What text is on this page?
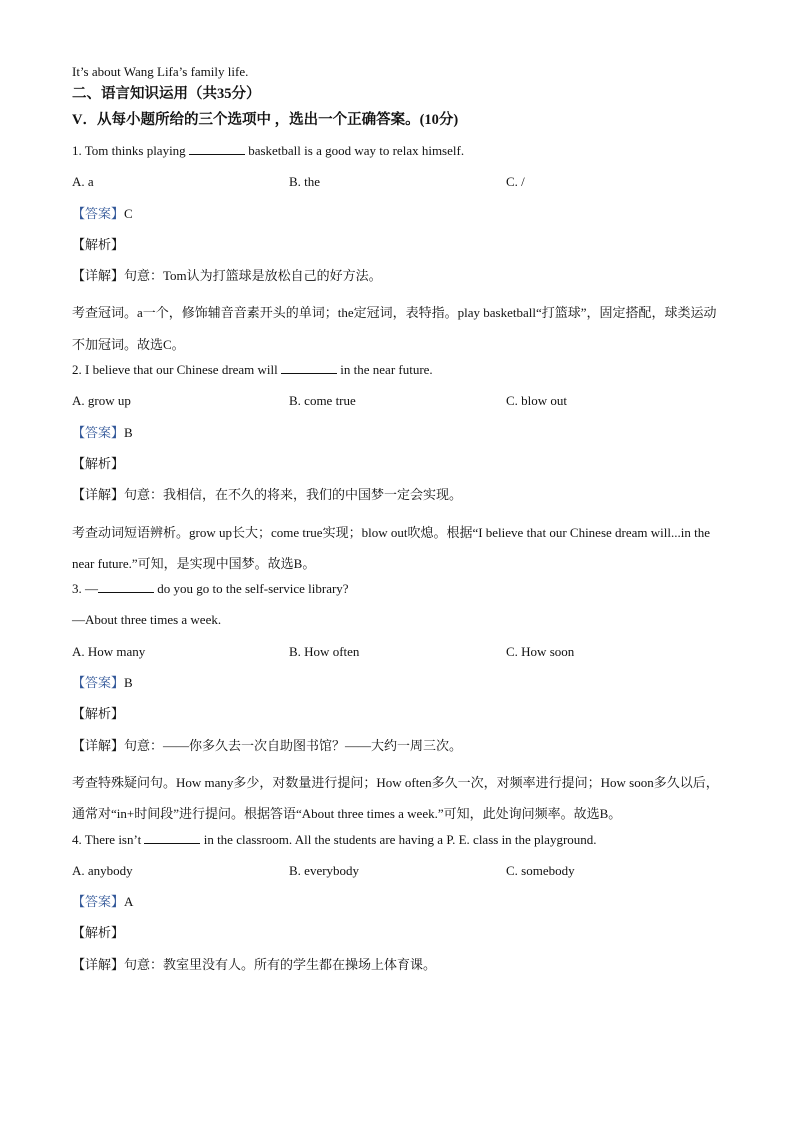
It’s about Wang Lifa’s family life.
二、语言知识运用（共35分）
V．从每小题所给的三个选项中 ，选出一个正确答案。(10分)
1. Tom thinks playing	basketball is a good way to relax himself.
A. a	B. the	C. /
【答案】C
【解析】
【详解】句意：Tom认为打篮球是放松自己的好方法。
考查冠词。a一个，修饰辅音音素开头的单词；the定冠词，表特指。play basketball“打篮球”，固定搭配，球类运动不加冠词。故选C。
2. I believe that our Chinese dream will	in the near future.
A. grow up	B. come true	C. blow out
【答案】B
【解析】
【详解】句意：我相信，在不久的将来，我们的中国梦一定会实现。
考查动词短语辨析。grow up长大；come true实现；blow out吹熄。根据“I believe that our Chinese dream will...in the near future.”可知，是实现中国梦。故选B。
3. —	do you go to the self-service library?
—About three times a week.
A. How many	B. How often	C. How soon
【答案】B
【解析】
【详解】句意：——你多久去一次自助图书馆？——大约一周三次。
考查特殊疑问句。How many多少，对数量进行提问；How often多久一次，对频率进行提问；How soon多久以后，通常对“in+时间段”进行提问。根据答语“About three times a week.”可知，此处询问频率。故选B。
4. There isn’t	in the classroom. All the students are having a P. E. class in the playground.
A. anybody	B. everybody	C. somebody
【答案】A
【解析】
【详解】句意：教室里没有人。所有的学生都在操场上体育课。
